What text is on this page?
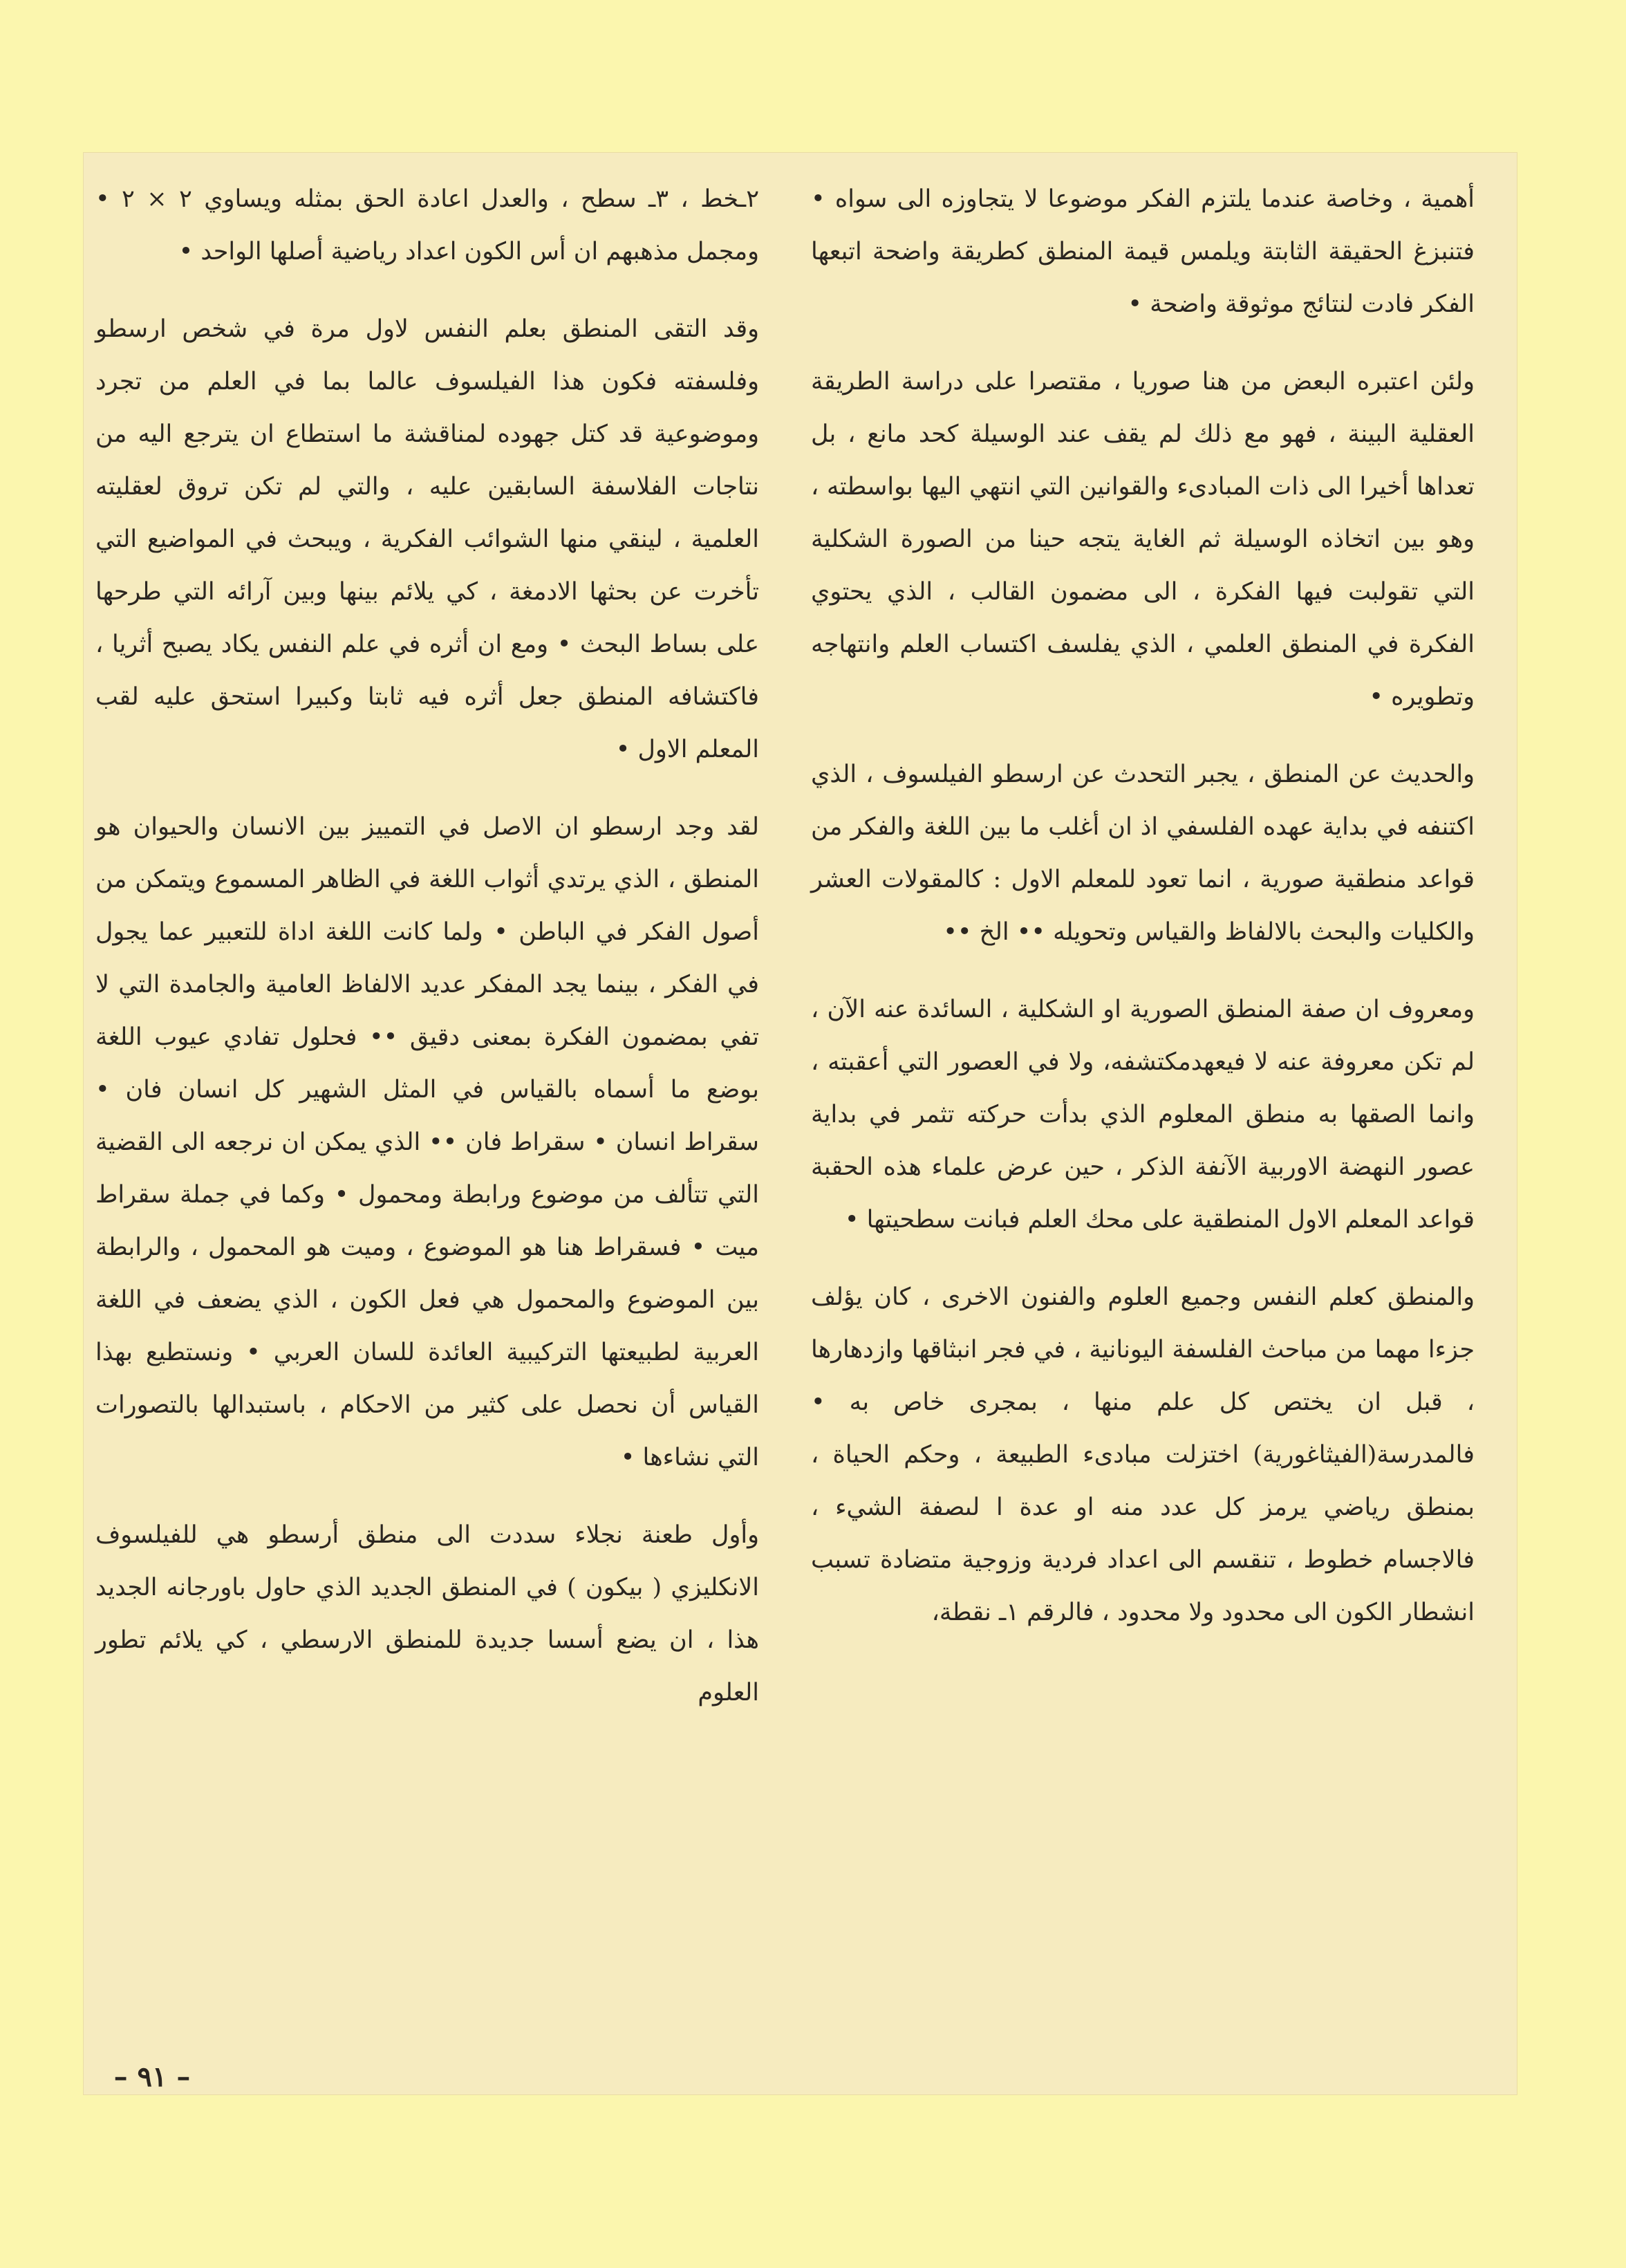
أهمية ، وخاصة عندما يلتزم الفكر موضوعا لا يتجاوزه الى سواه • فتنبزغ الحقيقة الثابتة ويلمس قيمة المنطق كطريقة واضحة اتبعها الفكر فادت لنتائج موثوقة واضحة •

ولئن اعتبره البعض من هنا صوريا ، مقتصرا على دراسة الطريقة العقلية البينة ، فهو مع ذلك لم يقف عند الوسيلة كحد مانع ، بل تعداها أخيرا الى ذات المبادىء والقوانين التي انتهي اليها بواسطته ، وهو بين اتخاذه الوسيلة ثم الغاية يتجه حينا من الصورة الشكلية التي تقولبت فيها الفكرة ، الى مضمون القالب ، الذي يحتوي الفكرة في المنطق العلمي ، الذي يفلسف اكتساب العلم وانتهاجه وتطويره •

والحديث عن المنطق ، يجبر التحدث عن ارسطو الفيلسوف ، الذي اكتنفه في بداية عهده الفلسفي اذ ان أغلب ما بين اللغة والفكر من قواعد منطقية صورية ، انما تعود للمعلم الاول : كالمقولات العشر والكليات والبحث بالالفاظ والقياس وتحويله •• الخ ••

ومعروف ان صفة المنطق الصورية او الشكلية ، السائدة عنه الآن ، لم تكن معروفة عنه لا فيعهدمكتشفه، ولا في العصور التي أعقبته ، وانما الصقها به منطق المعلوم الذي بدأت حركته تثمر في بداية عصور النهضة الاوربية الآنفة الذكر ، حين عرض علماء هذه الحقبة قواعد المعلم الاول المنطقية على محك العلم فبانت سطحيتها •

والمنطق كعلم النفس وجميع العلوم والفنون الاخرى ، كان يؤلف جزءا مهما من مباحث الفلسفة اليونانية ، في فجر انبثاقها وازدهارها ، قبل ان يختص كل علم منها ، بمجرى خاص به • فالمدرسة(الفيثاغورية) اختزلت مبادىء الطبيعة ، وحكم الحياة ، بمنطق رياضي يرمز كل عدد منه او عدة ا لىصفة الشيء ، فالاجسام خطوط ، تنقسم الى اعداد فردية وزوجية متضادة تسبب انشطار الكون الى محدود ولا محدود ، فالرقم ١ـ نقطة،

٢ـخط ، ٣ـ سطح ، والعدل اعادة الحق بمثله ويساوي ٢ × ٢ • ومجمل مذهبهم ان أس الكون اعداد رياضية أصلها الواحد •

وقد التقى المنطق بعلم النفس لاول مرة في شخص ارسطو وفلسفته فكون هذا الفيلسوف عالما بما في العلم من تجرد وموضوعية قد كتل جهوده لمناقشة ما استطاع ان يترجع اليه من نتاجات الفلاسفة السابقين عليه ، والتي لم تكن تروق لعقليته العلمية ، لينقي منها الشوائب الفكرية ، ويبحث في المواضيع التي تأخرت عن بحثها الادمغة ، كي يلائم بينها وبين آرائه التي طرحها على بساط البحث • ومع ان أثره في علم النفس يكاد يصبح أثريا ، فاكتشافه المنطق جعل أثره فيه ثابتا وكبيرا استحق عليه لقب المعلم الاول •

لقد وجد ارسطو ان الاصل في التمييز بين الانسان والحيوان هو المنطق ، الذي يرتدي أثواب اللغة في الظاهر المسموع ويتمكن من أصول الفكر في الباطن • ولما كانت اللغة اداة للتعبير عما يجول في الفكر ، بينما يجد المفكر عديد الالفاظ العامية والجامدة التي لا تفي بمضمون الفكرة بمعنى دقيق •• فحلول تفادي عيوب اللغة بوضع ما أسماه بالقياس في المثل الشهير كل انسان فان • سقراط انسان • سقراط فان •• الذي يمكن ان نرجعه الى القضية التي تتألف من موضوع ورابطة ومحمول • وكما في جملة سقراط ميت • فسقراط هنا هو الموضوع ، وميت هو المحمول ، والرابطة بين الموضوع والمحمول هي فعل الكون ، الذي يضعف في اللغة العربية لطبيعتها التركيبية العائدة للسان العربي • ونستطيع بهذا القياس أن نحصل على كثير من الاحكام ، باستبدالها بالتصورات التي نشاءها •

وأول طعنة نجلاء سددت الى منطق أرسطو هي للفيلسوف الانكليزي ( بيكون ) في المنطق الجديد الذي حاول باورجانه الجديد هذا ، ان يضع أسسا جديدة للمنطق الارسطي ، كي يلائم تطور العلوم

– ٩١ –
